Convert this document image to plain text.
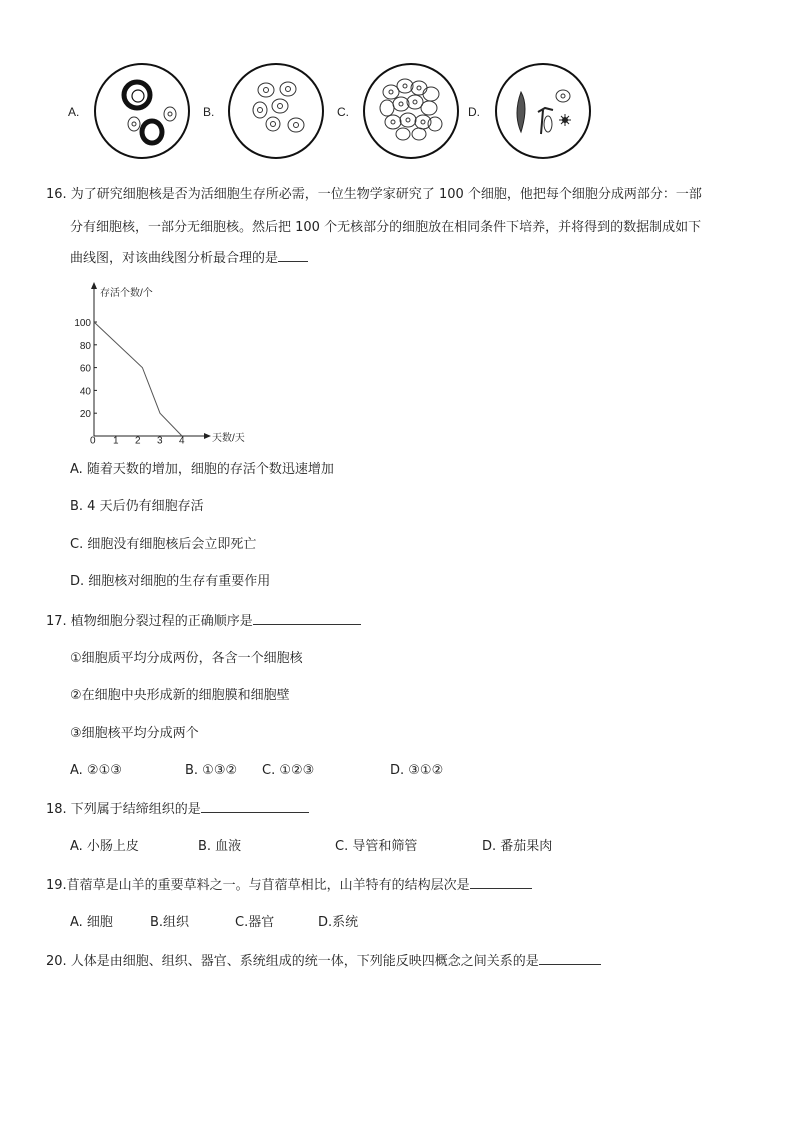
A.	B.	C.	D.
16. 为了研究细胞核是否为活细胞生存所必需，一位生物学家研究了 100 个细胞，他把每个细胞分成两部分：一部
分有细胞核，一部分无细胞核。然后把 100 个无核部分的细胞放在相同条件下培养，并将得到的数据制成如下
曲线图，对该曲线图分析最合理的是
存活个数/个
天数/天
0 1 2 3 4
20
40
60
80
100
A. 随着天数的增加，细胞的存活个数迅速增加
B. 4 天后仍有细胞存活
C. 细胞没有细胞核后会立即死亡
D. 细胞核对细胞的生存有重要作用
17. 植物细胞分裂过程的正确顺序是
①细胞质平均分成两份，各含一个细胞核
②在细胞中央形成新的细胞膜和细胞壁
③细胞核平均分成两个
A. ②①③	B. ①③② C. ①②③	D. ③①②
18. 下列属于结缔组织的是
A. 小肠上皮	B. 血液	C. 导管和筛管	D. 番茄果肉
19.苜蓿草是山羊的重要草料之一。与苜蓿草相比，山羊特有的结构层次是
A. 细胞	B.组织	C.器官	D.系统
20. 人体是由细胞、组织、器官、系统组成的统一体，下列能反映四概念之间关系的是
